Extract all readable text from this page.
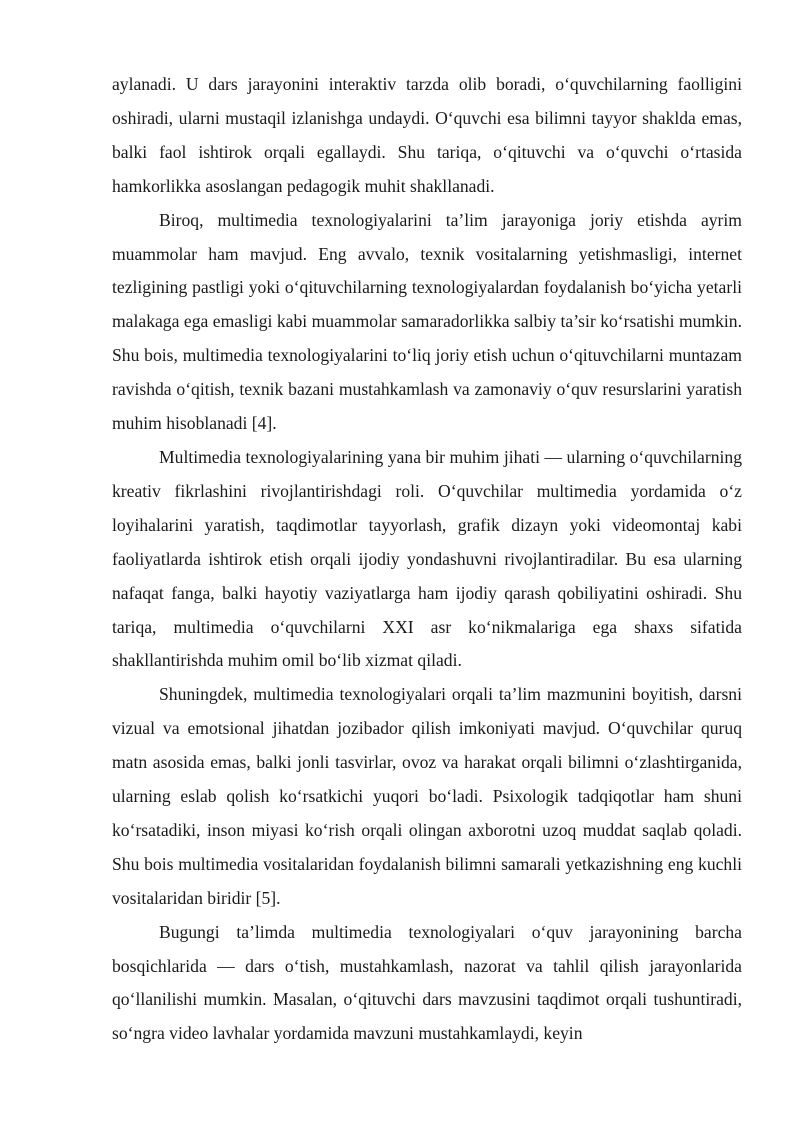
aylanadi. U dars jarayonini interaktiv tarzda olib boradi, o‘quvchilarning faolligini oshiradi, ularni mustaqil izlanishga undaydi. O‘quvchi esa bilimni tayyor shaklda emas, balki faol ishtirok orqali egallaydi. Shu tariqa, o‘qituvchi va o‘quvchi o‘rtasida hamkorlikka asoslangan pedagogik muhit shakllanadi.

Biroq, multimedia texnologiyalarini ta’lim jarayoniga joriy etishda ayrim muammolar ham mavjud. Eng avvalo, texnik vositalarning yetishmasligi, internet tezligining pastligi yoki o‘qituvchilarning texnologiyalardan foydalanish bo‘yicha yetarli malakaga ega emasligi kabi muammolar samaradorlikka salbiy ta’sir ko‘rsatishi mumkin. Shu bois, multimedia texnologiyalarini to‘liq joriy etish uchun o‘qituvchilarni muntazam ravishda o‘qitish, texnik bazani mustahkamlash va zamonaviy o‘quv resurslarini yaratish muhim hisoblanadi [4].

Multimedia texnologiyalarining yana bir muhim jihati — ularning o‘quvchilarning kreativ fikrlashini rivojlantirishdagi roli. O‘quvchilar multimedia yordamida o‘z loyihalarini yaratish, taqdimotlar tayyorlash, grafik dizayn yoki videomontaj kabi faoliyatlarda ishtirok etish orqali ijodiy yondashuvni rivojlantiradilar. Bu esa ularning nafaqat fanga, balki hayotiy vaziyatlarga ham ijodiy qarash qobiliyatini oshiradi. Shu tariqa, multimedia o‘quvchilarni XXI asr ko‘nikmalariga ega shaxs sifatida shakllantirishda muhim omil bo‘lib xizmat qiladi.

Shuningdek, multimedia texnologiyalari orqali ta’lim mazmunini boyitish, darsni vizual va emotsional jihatdan jozibador qilish imkoniyati mavjud. O‘quvchilar quruq matn asosida emas, balki jonli tasvirlar, ovoz va harakat orqali bilimni o‘zlashtirganida, ularning eslab qolish ko‘rsatkichi yuqori bo‘ladi. Psixologik tadqiqotlar ham shuni ko‘rsatadiki, inson miyasi ko‘rish orqali olingan axborotni uzoq muddat saqlab qoladi. Shu bois multimedia vositalaridan foydalanish bilimni samarali yetkazishning eng kuchli vositalaridan biridir [5].

Bugungi ta’limda multimedia texnologiyalari o‘quv jarayonining barcha bosqichlarida — dars o‘tish, mustahkamlash, nazorat va tahlil qilish jarayonlarida qo‘llanilishi mumkin. Masalan, o‘qituvchi dars mavzusini taqdimot orqali tushuntiradi, so‘ngra video lavhalar yordamida mavzuni mustahkamlaydi, keyin
